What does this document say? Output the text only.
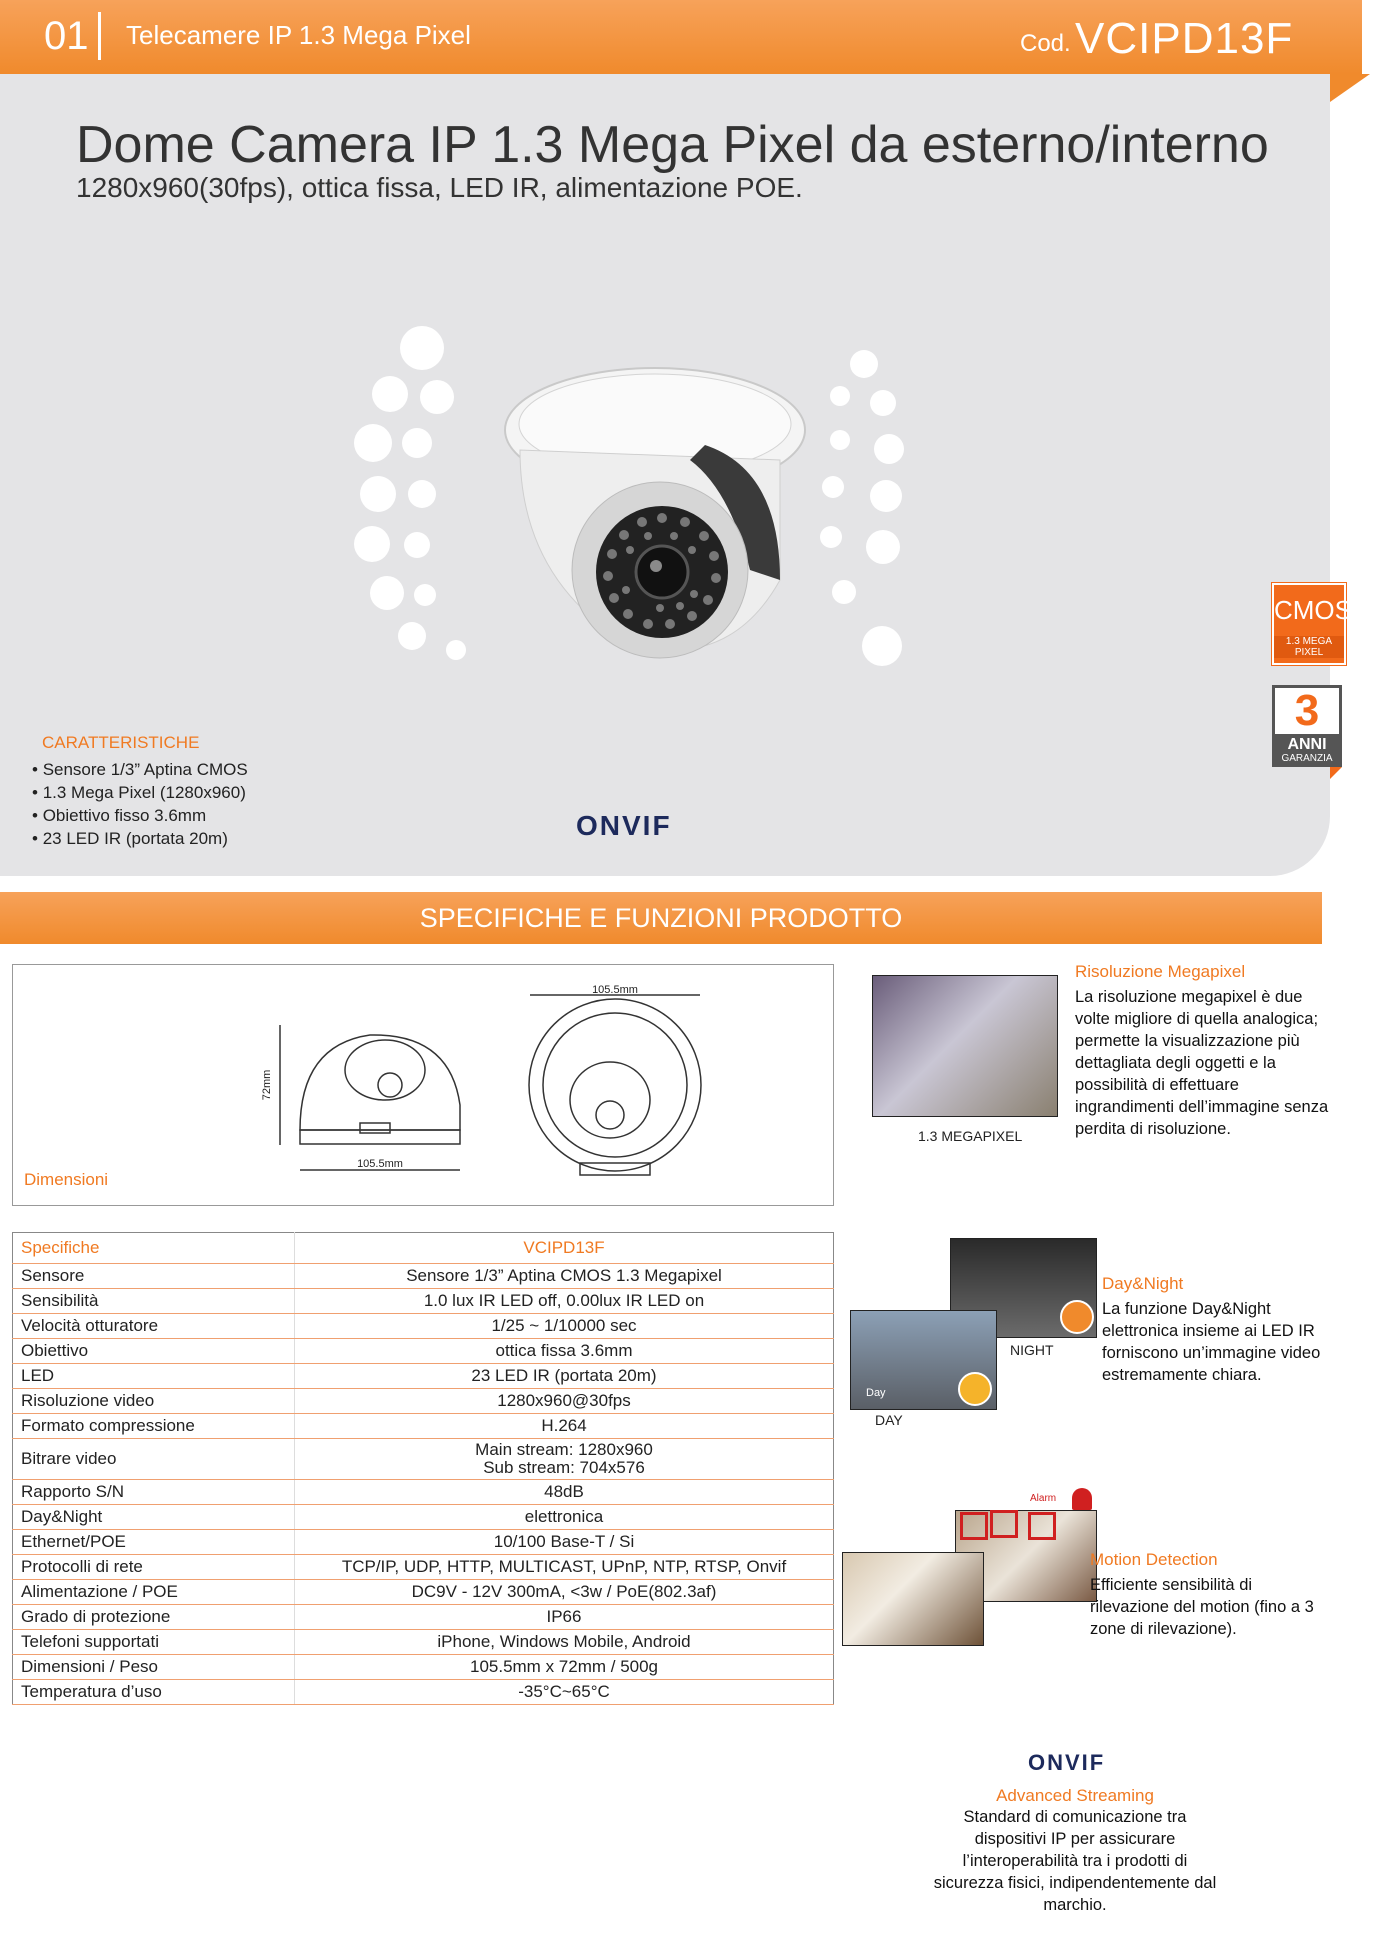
01 Telecamere IP 1.3 Mega Pixel	Cod. VCIPD13F
Dome Camera IP 1.3 Mega Pixel da esterno/interno
1280x960(30fps), ottica fissa, LED IR, alimentazione POE.
CARATTERISTICHE
• Sensore 1/3” Aptina CMOS
• 1.3 Mega Pixel (1280x960)
• Obiettivo fisso 3.6mm
• 23 LED IR (portata 20m)	ONVIF
CMOS
1.3 MEGA PIXEL
3
ANNI
GARANZIA
SPECIFICHE E FUNZIONI PRODOTTO
105.5mm
105.5mm
72mm
Dimensioni
Specifiche	VCIPD13F
Sensore	Sensore 1/3” Aptina CMOS 1.3 Megapixel
Sensibilità	1.0 lux IR LED off, 0.00lux IR LED on
Velocità otturatore	1/25 ~ 1/10000 sec
Obiettivo	ottica fissa 3.6mm
LED	23 LED IR (portata 20m)
Risoluzione video	1280x960@30fps
Formato compressione	H.264
Bitrare video	Main stream: 1280x960
Sub stream: 704x576

Rapporto S/N	48dB
Day&Night	elettronica
Ethernet/POE	10/100 Base-T / Si
Protocolli di rete	TCP/IP, UDP, HTTP, MULTICAST, UPnP, NTP, RTSP, Onvif
Alimentazione / POE	DC9V - 12V 300mA, <3w / PoE(802.3af)
Grado di protezione	IP66
Telefoni supportati	iPhone, Windows Mobile, Android
Dimensioni / Peso	105.5mm x 72mm / 500g
Temperatura d’uso	-35°C~65°C
1.3 MEGAPIXEL
Risoluzione Megapixel
La risoluzione megapixel è due volte migliore di quella analogica; permette la visualizzazione più dettagliata degli oggetti e la possibilità di effettuare ingrandimenti dell’immagine senza perdita di risoluzione.
NIGHT
Day
DAY
Day&Night
La funzione Day&Night elettronica insieme ai LED IR forniscono un’immagine video estremamente chiara.
Alarm
Motion Detection
Efficiente sensibilità di rilevazione del motion (fino a 3 zone di rilevazione).
ONVIF
Advanced Streaming
Standard di comunicazione tra dispositivi IP per assicurare l’interoperabilità tra i prodotti di sicurezza fisici, indipendentemente dal marchio.
